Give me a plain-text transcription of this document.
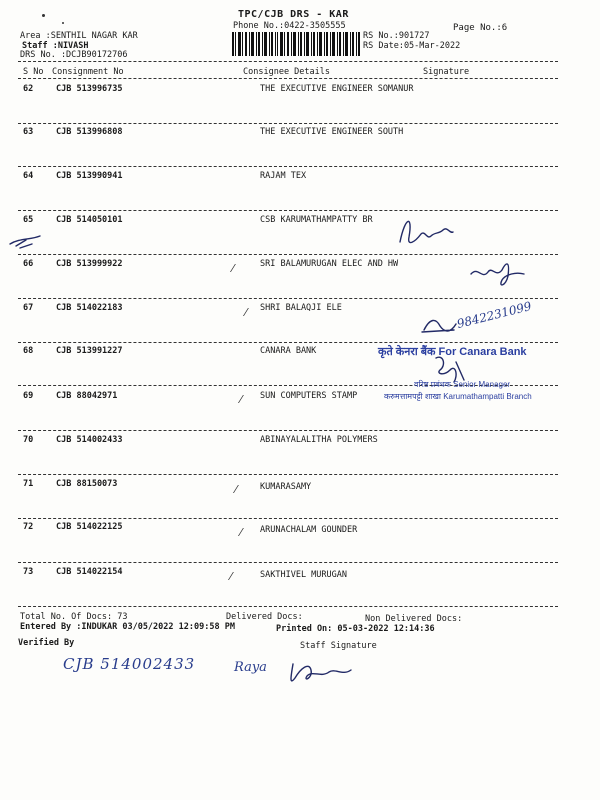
TPC/CJB DRS - KAR
Phone No.:0422-3505555	Page No.:6
RS No.:901727
RS Date:05-Mar-2022
Area :SENTHIL NAGAR KAR
Staff :NIVASH
DRS No. :DCJB90172706
S No Consignment No	Consignee Details	Signature
62	CJB 513996735	THE EXECUTIVE ENGINEER SOMANUR
63	CJB 513996808	THE EXECUTIVE ENGINEER SOUTH
64	CJB 513990941	RAJAM TEX
65	CJB 514050101	CSB KARUMATHAMPATTY BR
66	CJB 513999922	SRI BALAMURUGAN ELEC AND HW
67	CJB 514022183	SHRI BALAQJI ELE
68	CJB 513991227	CANARA BANK
69	CJB 88042971	SUN COMPUTERS STAMP
70	CJB 514002433	ABINAYALALITHA POLYMERS
71	CJB 88150073	KUMARASAMY
72	CJB 514022125	ARUNACHALAM GOUNDER
73	CJB 514022154	SAKTHIVEL MURUGAN
⁄
⁄
⁄
⁄
⁄
⁄
9842231099
कृते केनरा बैंक For Canara Bank
वरिष्ठ प्रबंधक Senior Manager
करुमत्तामपट्टी शाखा Karumathampatti Branch
Total No. Of Docs: 73	Delivered Docs:	Non Delivered Docs:
Entered By :INDUKAR 03/05/2022 12:09:58 PM	Printed On: 05-03-2022 12:14:36
Verified By	Staff Signature
CJB 514002433	Raya
